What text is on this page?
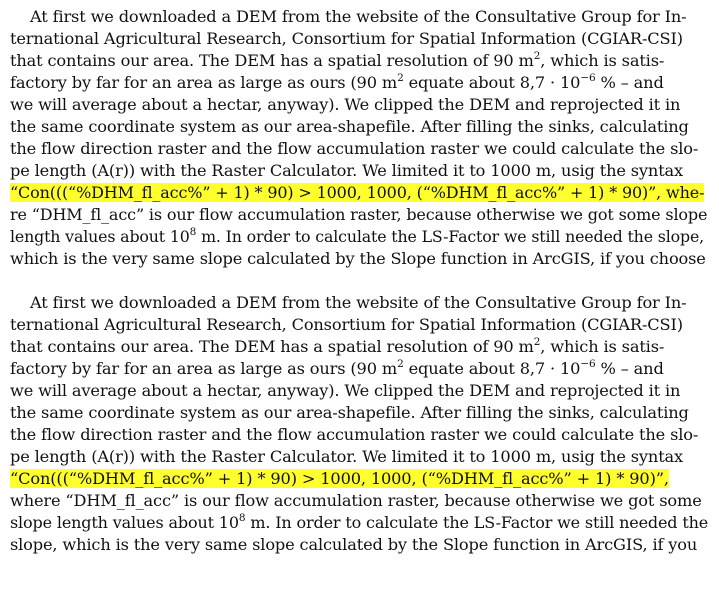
At first we downloaded a DEM from the website of the Consultative Group for In-
ternational Agricultural Research, Consortium for Spatial Information (CGIAR-CSI)
that contains our area. The DEM has a spatial resolution of 90 $m^2$, which is satis-
factory by far for an area as large as ours (90 $m^2$ equate about $8,7 \cdot 10^{-6}$ % – and
we will average about a hectar, anyway). We clipped the DEM and reprojected it in
the same coordinate system as our area-shapefile. After filling the sinks, calculating
the flow direction raster and the flow accumulation raster we could calculate the slo-
pe length (A(r)) with the Raster Calculator. We limited it to 1000 m, usig the syntax
“Con(((“%DHM_fl_acc%” + 1) * 90) > 1000, 1000, (“%DHM_fl_acc%” + 1) * 90)”, whe-
re “DHM_fl_acc” is our flow accumulation raster, because otherwise we got some slope
length values about $10^8$ m. In order to calculate the LS-Factor we still needed the slope,
which is the very same slope calculated by the Slope function in ArcGIS, if you choose
At first we downloaded a DEM from the website of the Consultative Group for In-
ternational Agricultural Research, Consortium for Spatial Information (CGIAR-CSI)
that contains our area. The DEM has a spatial resolution of 90 $m^2$, which is satis-
factory by far for an area as large as ours (90 $m^2$ equate about $8,7 \cdot 10^{-6}$ % – and
we will average about a hectar, anyway). We clipped the DEM and reprojected it in
the same coordinate system as our area-shapefile. After filling the sinks, calculating
the flow direction raster and the flow accumulation raster we could calculate the slo-
pe length (A(r)) with the Raster Calculator. We limited it to 1000 m, usig the syntax
“Con(((“%DHM_fl_acc%” + 1) * 90) > 1000, 1000, (“%DHM_fl_acc%” + 1) * 90)”,
where “DHM_fl_acc” is our flow accumulation raster, because otherwise we got some
slope length values about $10^8$ m. In order to calculate the LS-Factor we still needed the
slope, which is the very same slope calculated by the Slope function in ArcGIS, if you
